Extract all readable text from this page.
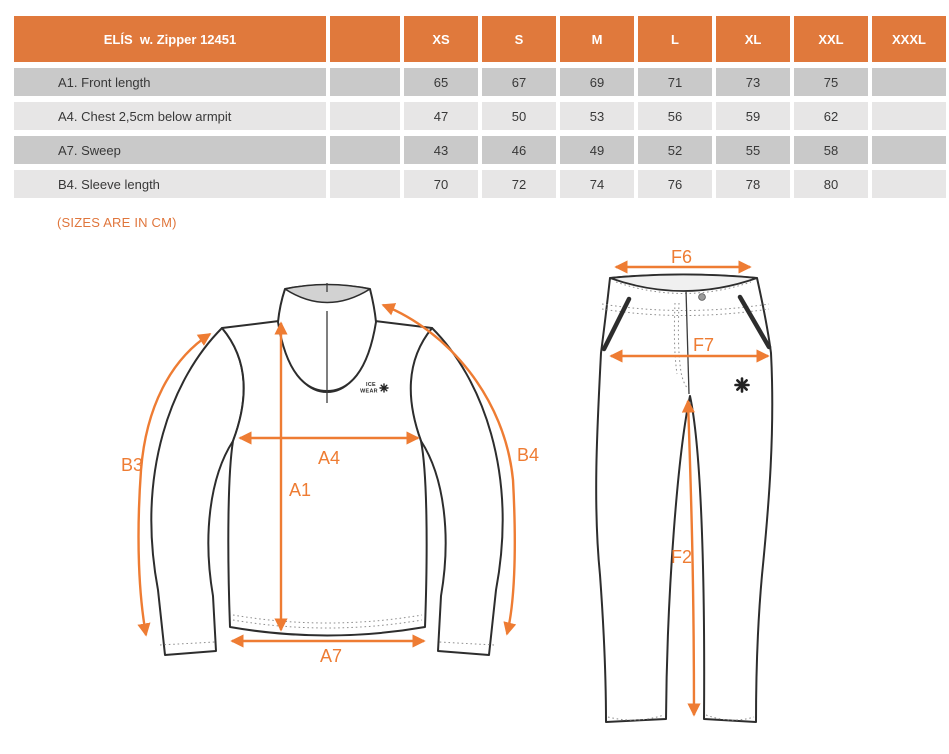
ELÍS  w. Zipper 12451		XS	S	M	L	XL	XXL	XXXL
A1. Front length		65	67	69	71	73	75	
A4. Chest 2,5cm below armpit		47	50	53	56	59	62	
A7. Sweep		43	46	49	52	55	58	
B4. Sleeve length		70	72	74	76	78	80	
(SIZES ARE IN CM)
ICE
WEAR
B3	A4
A1
B4
A7
F6
F7
F2
